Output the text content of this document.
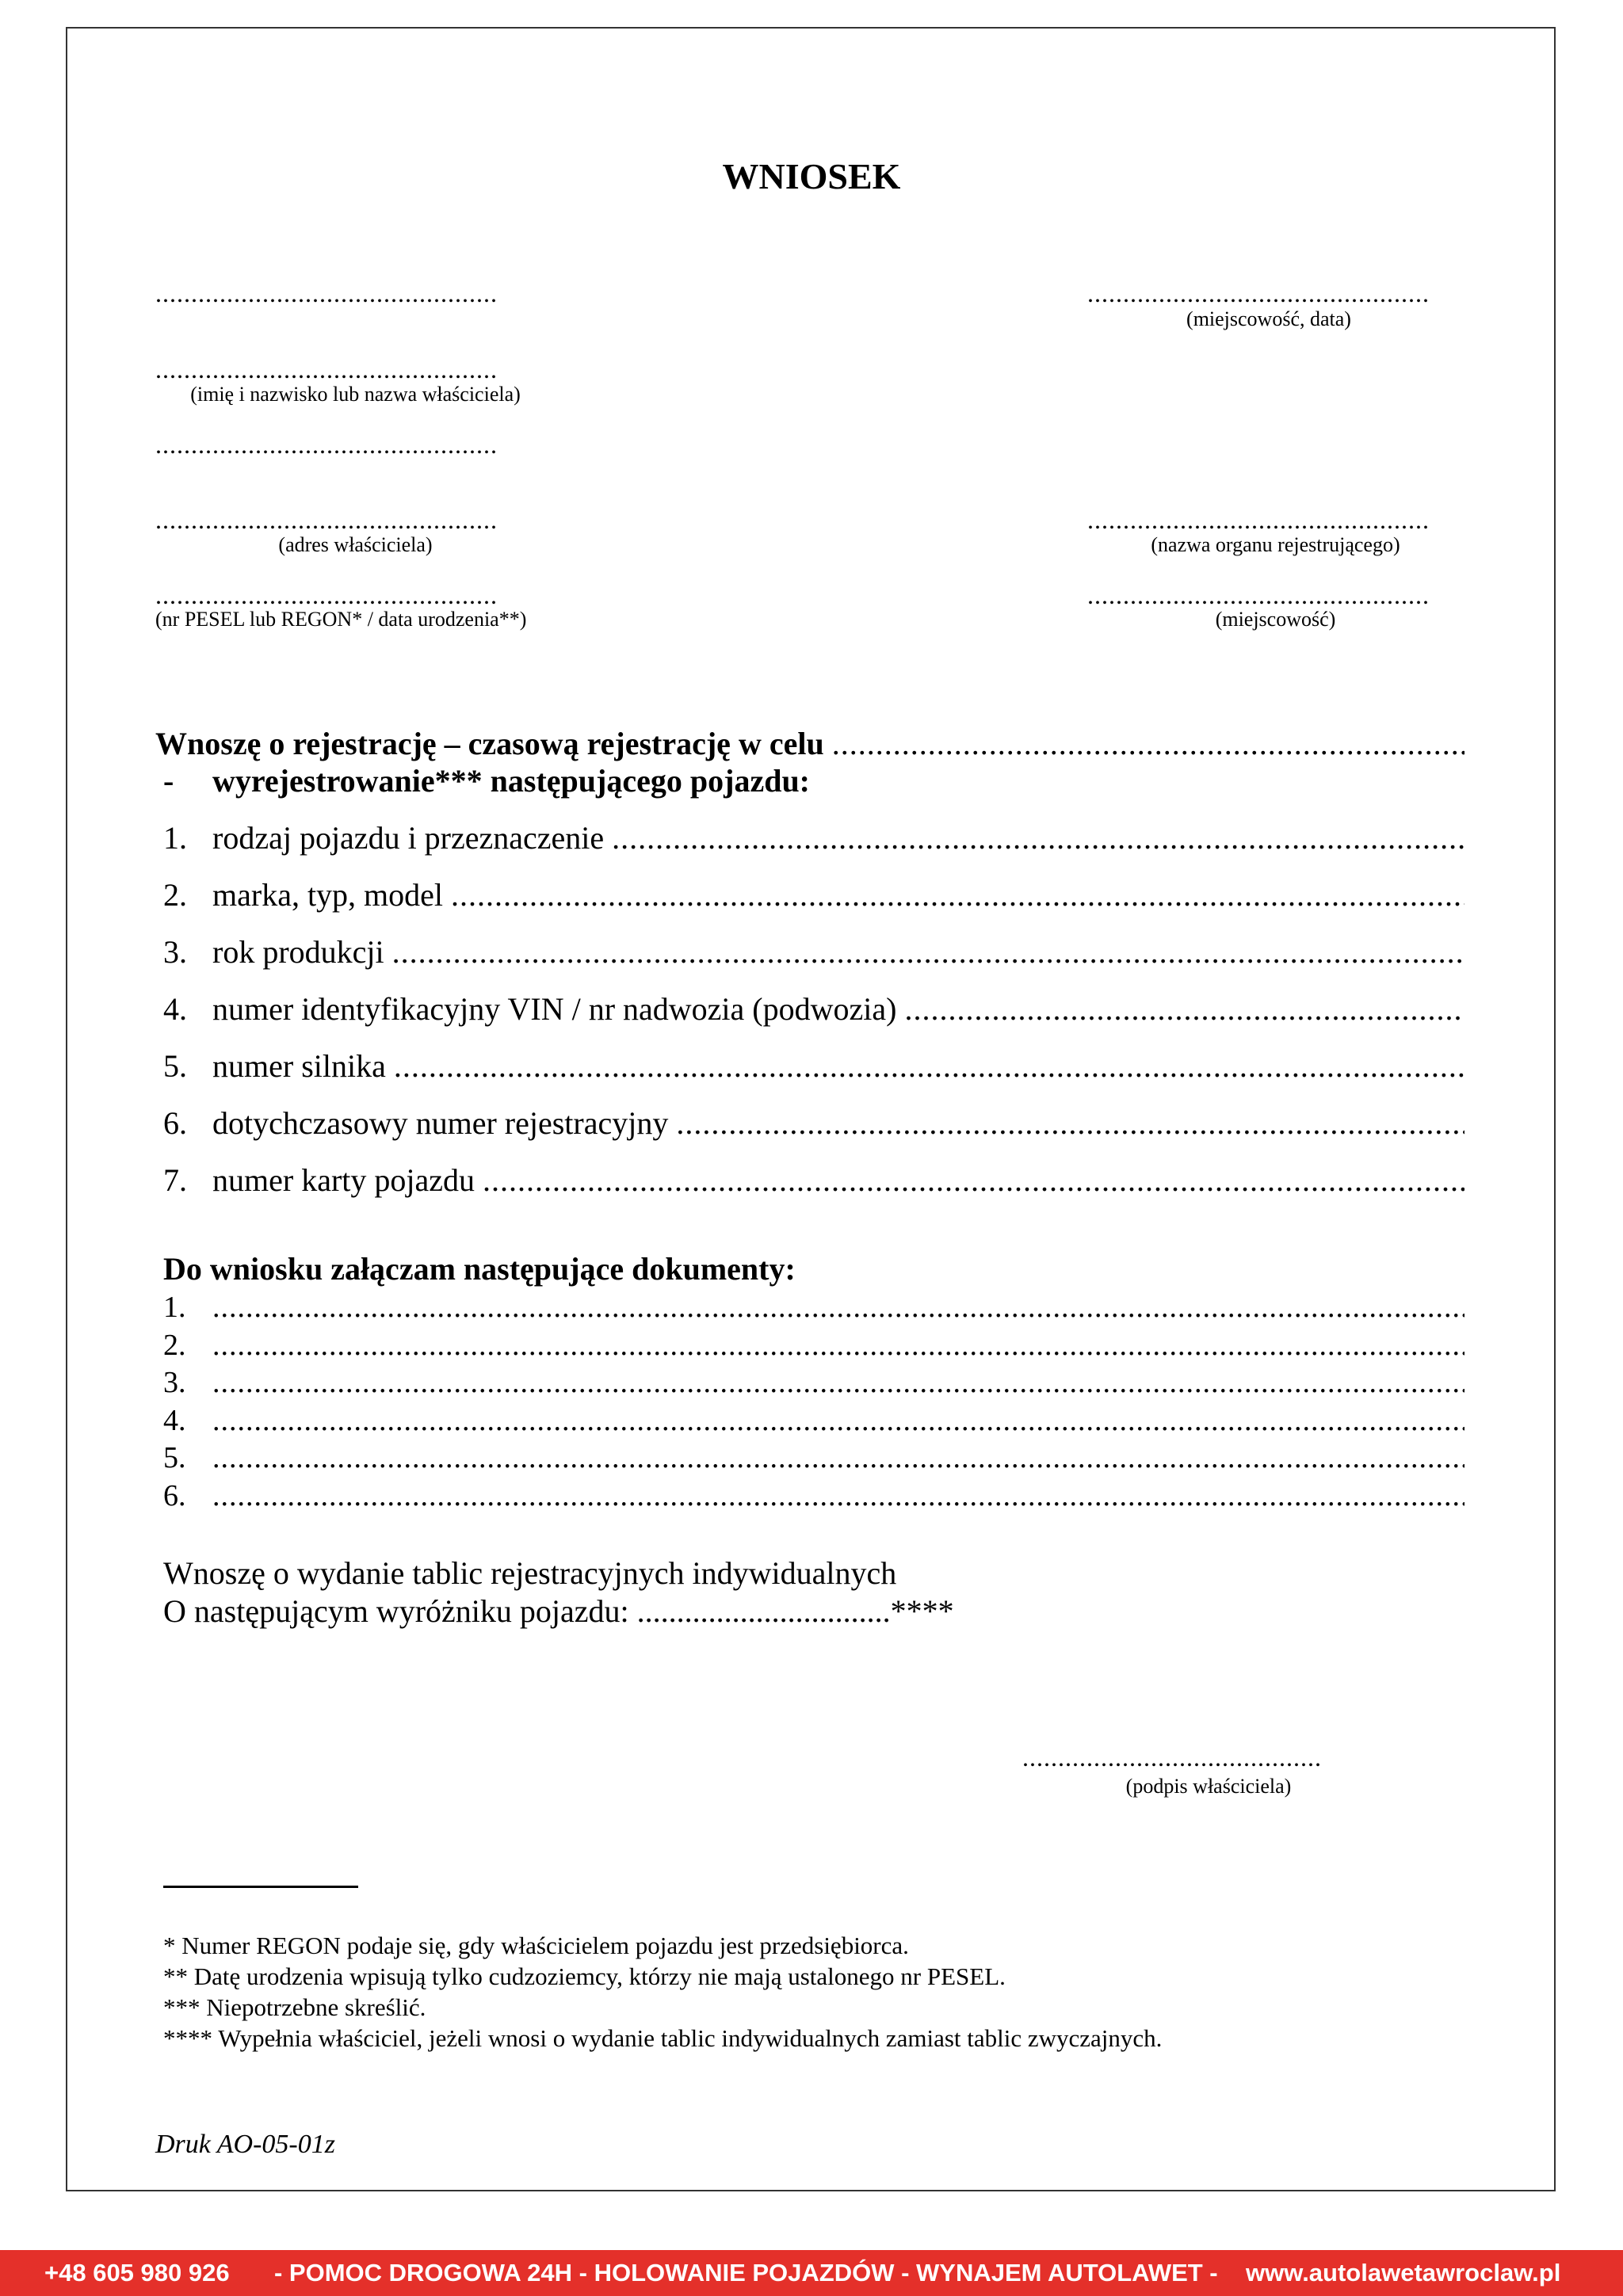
WNIOSEK
................................................
................................................
(imię i nazwisko lub nazwa właściciela)
................................................
................................................
(adres właściciela)
................................................
(nr PESEL lub REGON* / data urodzenia**)
................................................
(miejscowość, data)
................................................
(nazwa organu rejestrującego)
................................................
(miejscowość)
Wnoszę o rejestrację – czasową rejestrację w celu

.....
- wyrejestrowanie*** następującego pojazdu:
1. rodzaj pojazdu i przeznaczenie

.....
2. marka, typ, model

.....
3. rok produkcji

.....
4. numer identyfikacyjny VIN / nr nadwozia (podwozia)

.....
5. numer silnika

.....
6. dotychczasowy numer rejestracyjny

.....
7. numer karty pojazdu

.....
Do wniosku załączam następujące dokumenty:
1.
.....
2.
.....
3.
.....
4.
.....
5.
.....
6.
.....
Wnoszę o wydanie tablic rejestracyjnych indywidualnych
O następującym wyróżniku pojazdu: ................................****
..........................................
(podpis właściciela)
* Numer REGON podaje się, gdy właścicielem pojazdu jest przedsiębiorca.
** Datę urodzenia wpisują tylko cudzoziemcy, którzy nie mają ustalonego nr PESEL.
*** Niepotrzebne skreślić.
**** Wypełnia właściciel, jeżeli wnosi o wydanie tablic indywidualnych zamiast tablic zwyczajnych.
Druk AO-05-01z
+48 605 980 926 - POMOC DROGOWA 24H - HOLOWANIE POJAZDÓW - WYNAJEM AUTOLAWET - www.autolawetawroclaw.pl
